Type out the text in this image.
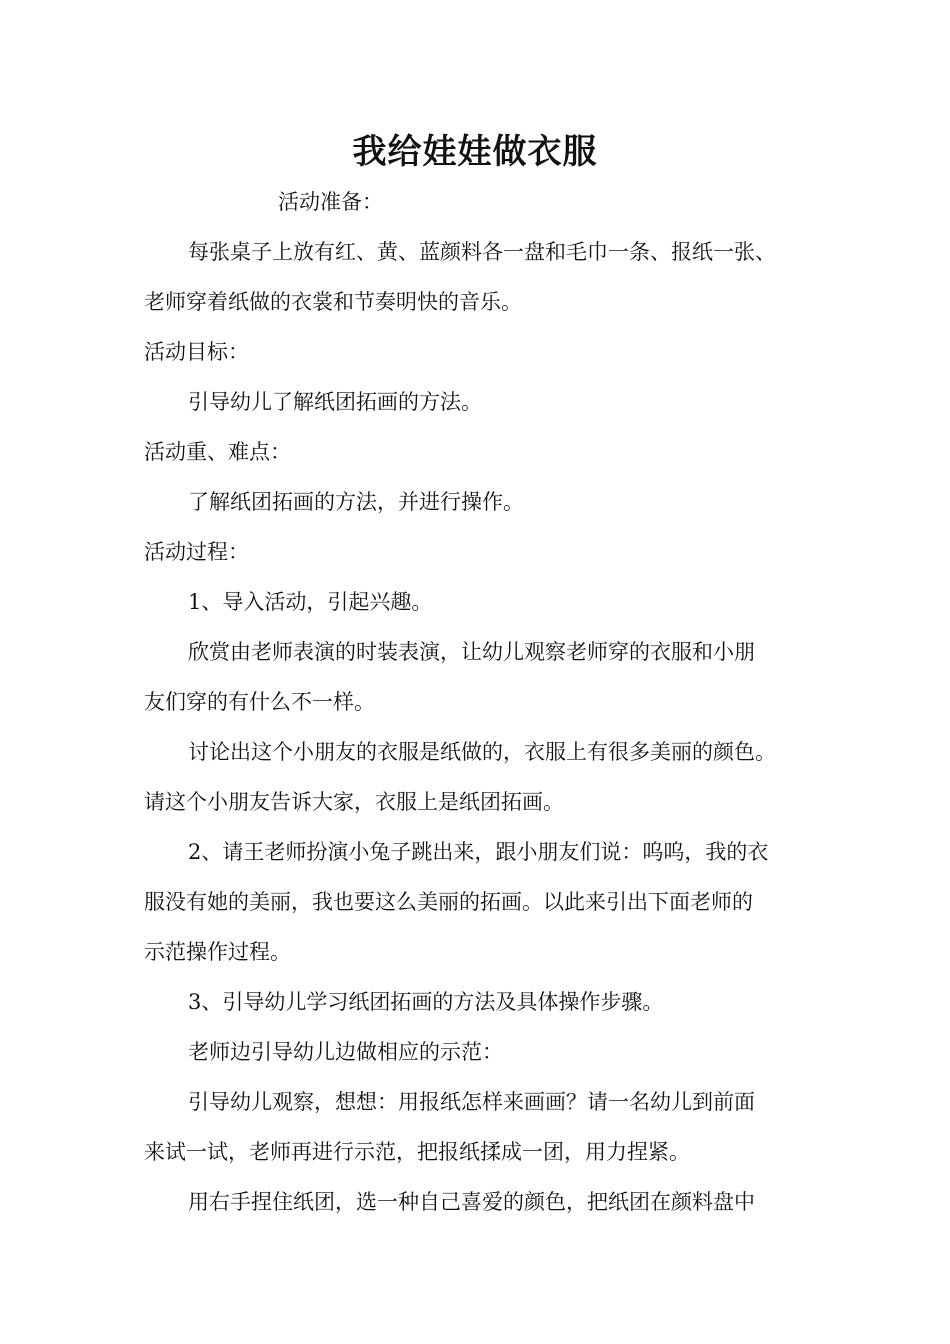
我给娃娃做衣服
活动准备：
每张桌子上放有红、黄、蓝颜料各一盘和毛巾一条、报纸一张、
老师穿着纸做的衣裳和节奏明快的音乐。
活动目标：
引导幼儿了解纸团拓画的方法。
活动重、难点：
了解纸团拓画的方法，并进行操作。
活动过程：
1、导入活动，引起兴趣。
欣赏由老师表演的时装表演，让幼儿观察老师穿的衣服和小朋
友们穿的有什么不一样。
讨论出这个小朋友的衣服是纸做的，衣服上有很多美丽的颜色。
请这个小朋友告诉大家，衣服上是纸团拓画。
2、请王老师扮演小兔子跳出来，跟小朋友们说：呜呜，我的衣
服没有她的美丽，我也要这么美丽的拓画。以此来引出下面老师的
示范操作过程。
3、引导幼儿学习纸团拓画的方法及具体操作步骤。
老师边引导幼儿边做相应的示范：
引导幼儿观察，想想：用报纸怎样来画画？请一名幼儿到前面
来试一试，老师再进行示范，把报纸揉成一团，用力捏紧。
用右手捏住纸团，选一种自己喜爱的颜色，把纸团在颜料盘中
